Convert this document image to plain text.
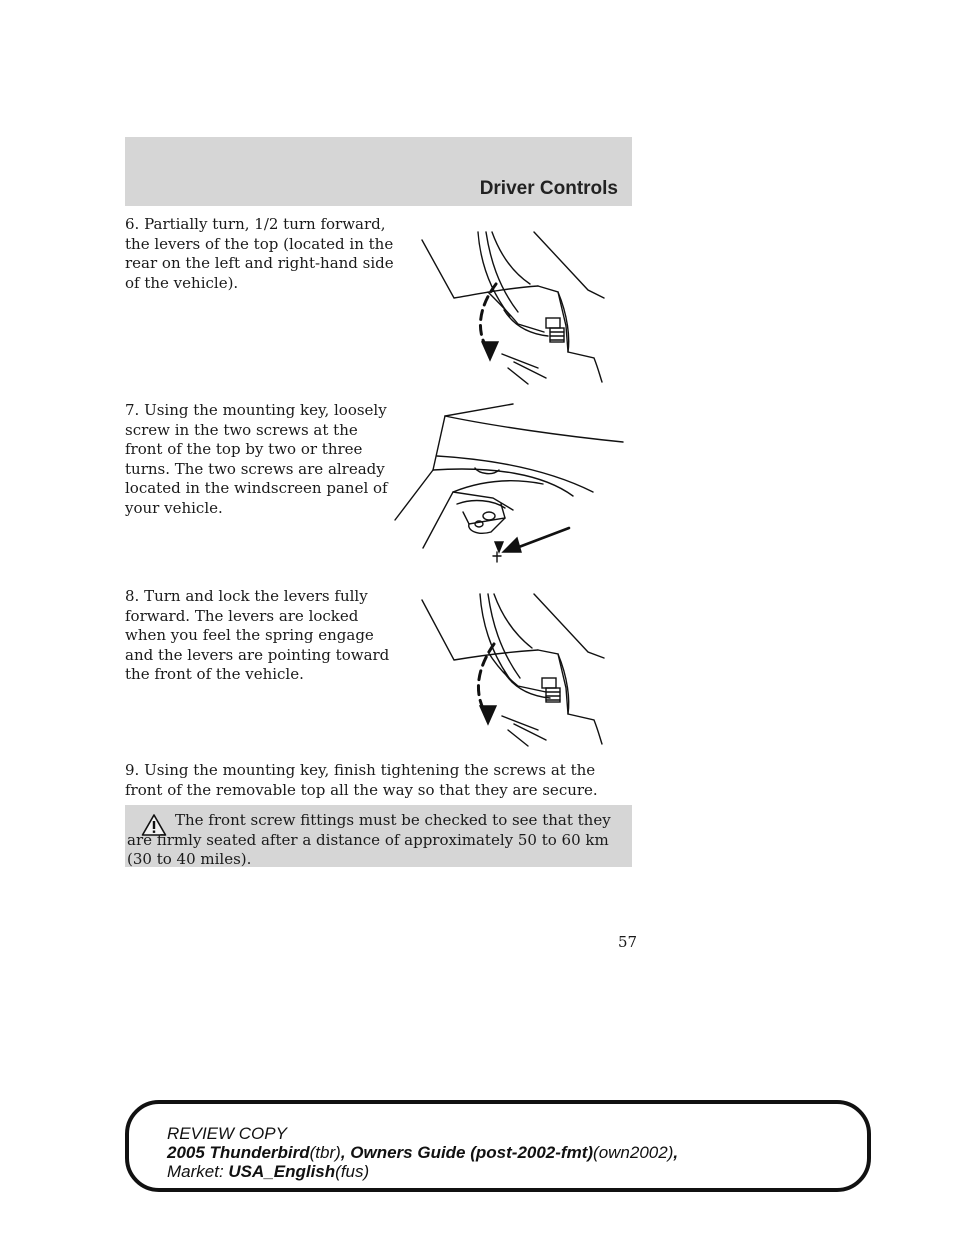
Driver Controls

6. Partially turn, 1/2 turn forward, the levers of the top (located in the rear on the left and right-hand side of the vehicle).

7. Using the mounting key, loosely screw in the two screws at the front of the top by two or three turns. The two screws are already located in the windscreen panel of your vehicle.

8. Turn and lock the levers fully forward. The levers are locked when you feel the spring engage and the levers are pointing toward the front of the vehicle.

9. Using the mounting key, finish tightening the screws at the front of the removable top all the way so that they are secure.

The front screw fittings must be checked to see that they are firmly seated after a distance of approximately 50 to 60 km (30 to 40 miles).

57
REVIEW COPY
2005 Thunderbird(tbr), Owners Guide (post-2002-fmt)(own2002),
Market: USA_English(fus)
